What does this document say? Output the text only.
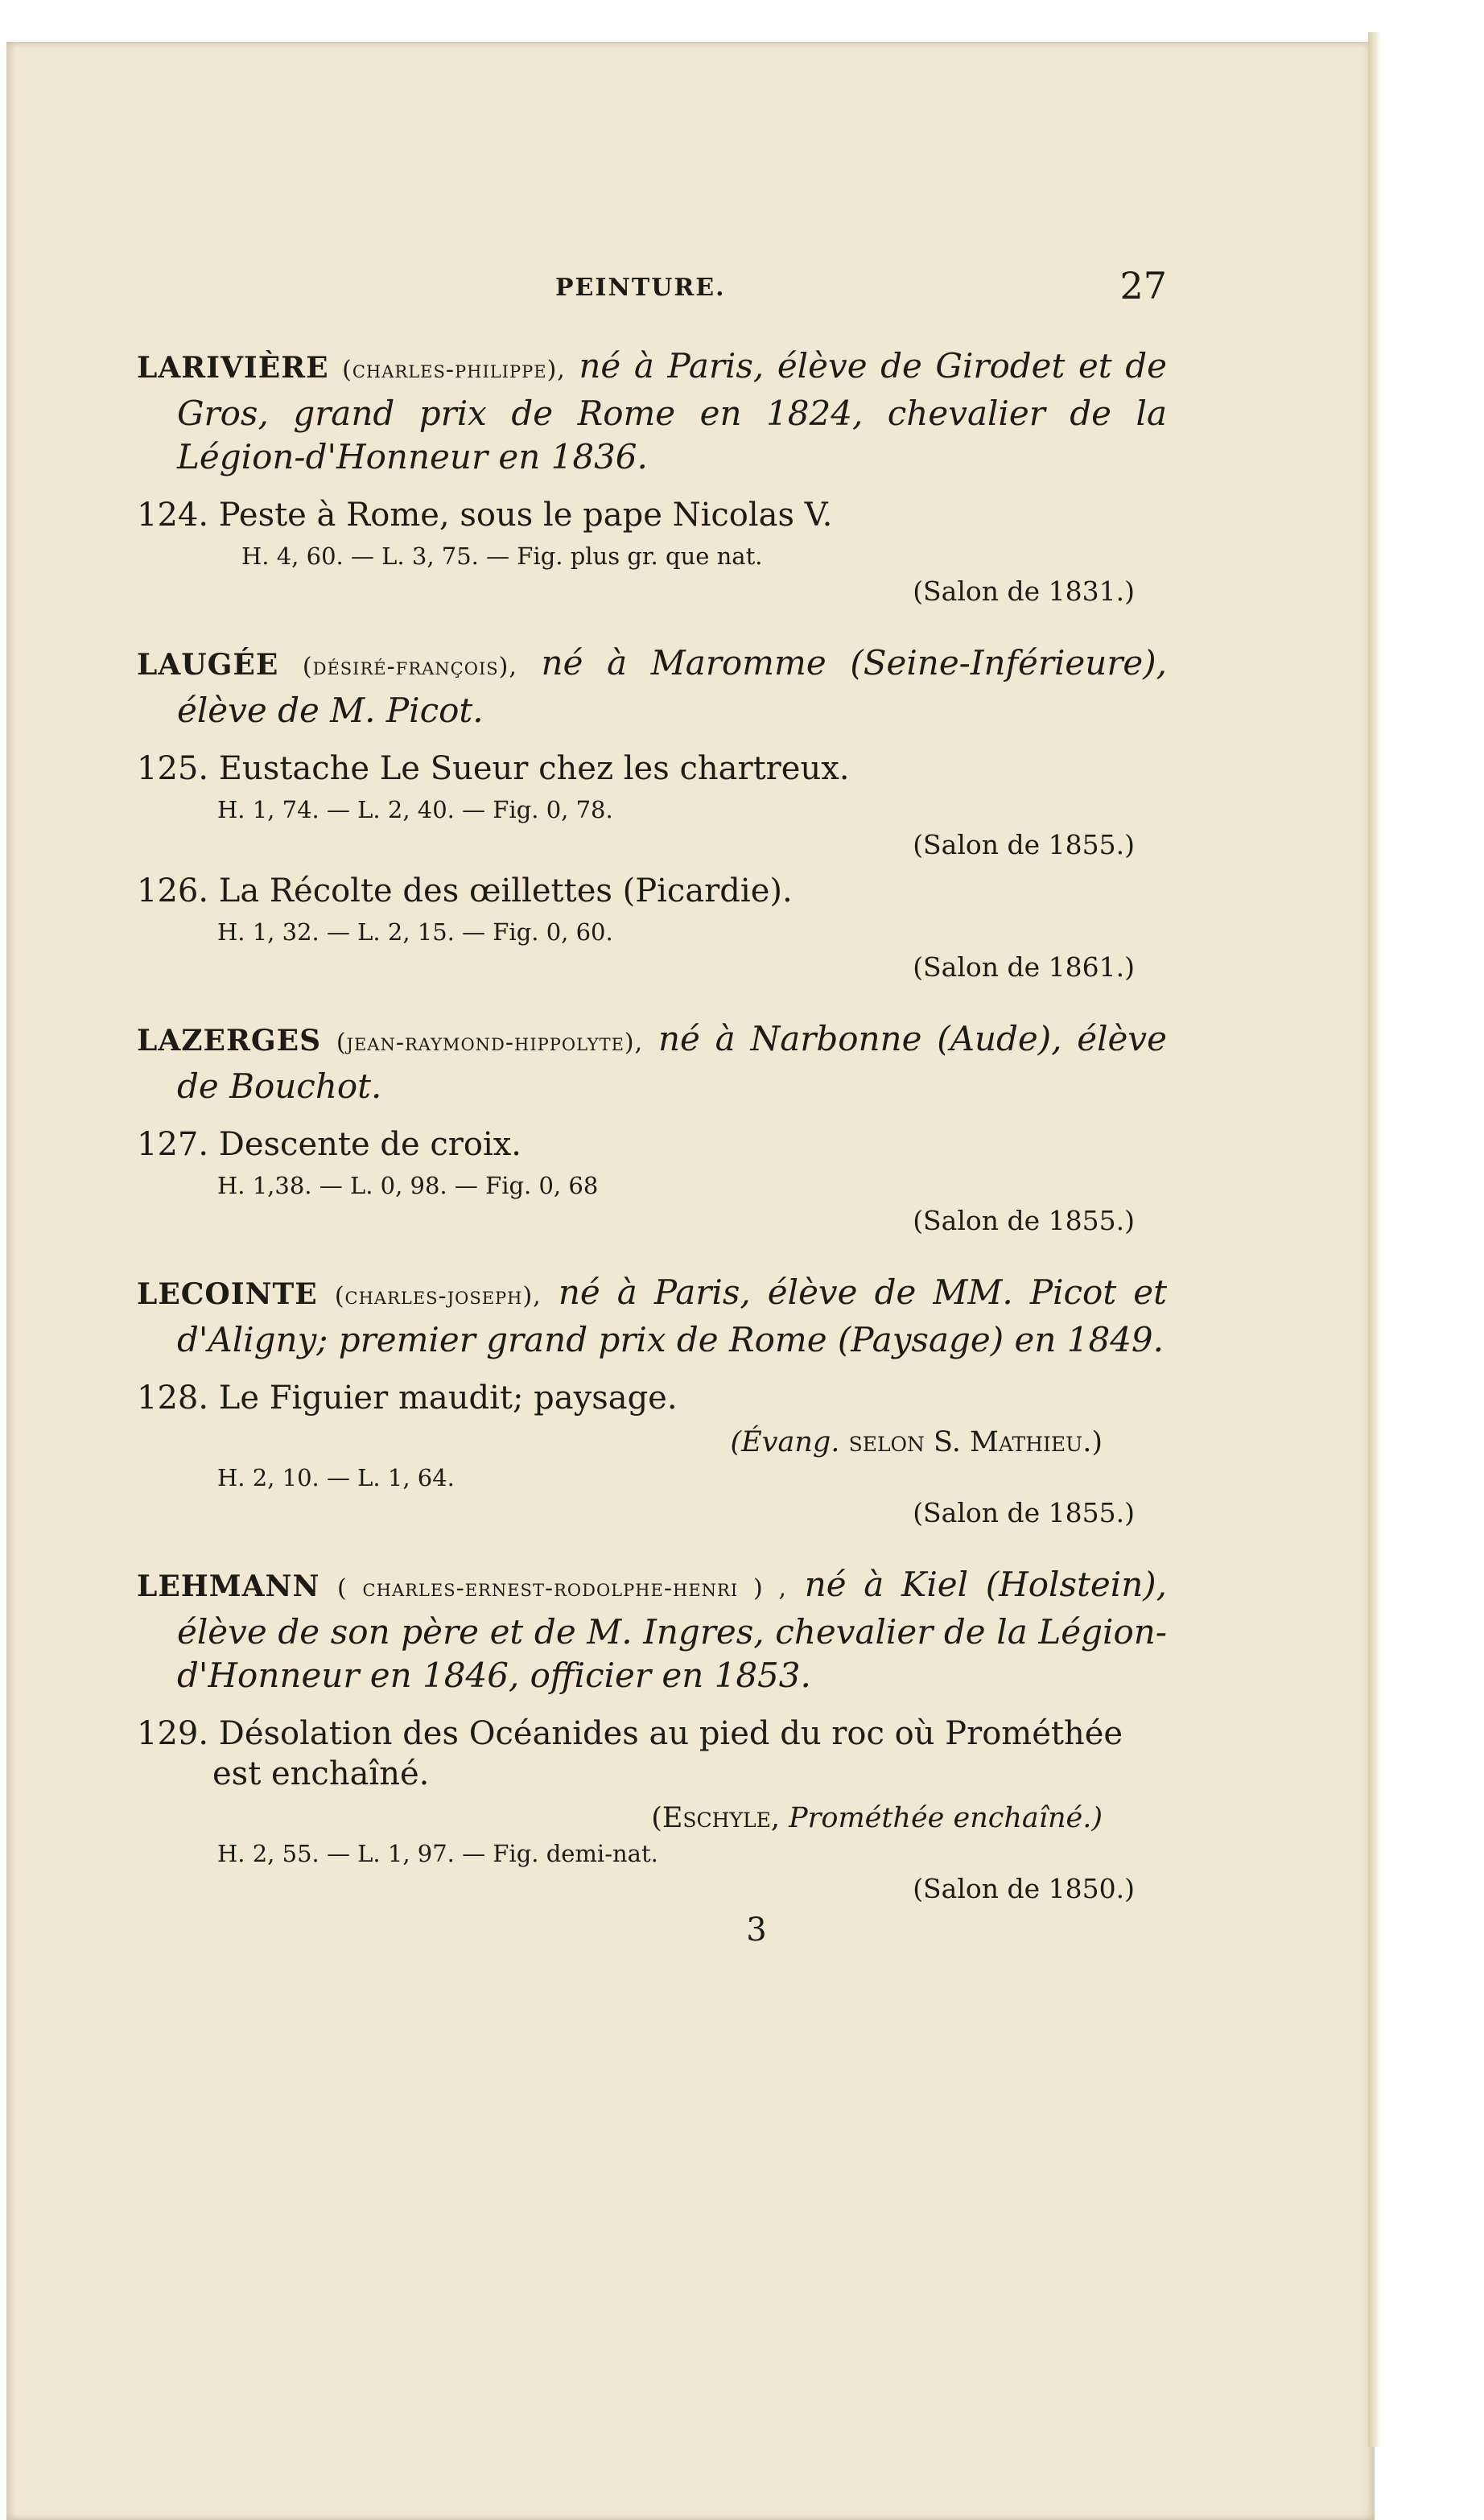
PEINTURE.	27
LARIVIÈRE (charles-philippe), né à Paris, élève de Girodet et de Gros, grand prix de Rome en 1824, chevalier de la Légion-d'Honneur en 1836.
124. Peste à Rome, sous le pape Nicolas V.
H. 4, 60. — L. 3, 75. — Fig. plus gr. que nat.
(Salon de 1831.)
LAUGÉE (désiré-françois), né à Maromme (Seine-Inférieure), élève de M. Picot.
125. Eustache Le Sueur chez les chartreux.
H. 1, 74. — L. 2, 40. — Fig. 0, 78.
(Salon de 1855.)
126. La Récolte des œillettes (Picardie).
H. 1, 32. — L. 2, 15. — Fig. 0, 60.
(Salon de 1861.)
LAZERGES (jean-raymond-hippolyte), né à Narbonne (Aude), élève de Bouchot.
127. Descente de croix.
H. 1,38. — L. 0, 98. — Fig. 0, 68
(Salon de 1855.)
LECOINTE (charles-joseph), né à Paris, élève de MM. Picot et d'Aligny; premier grand prix de Rome (Paysage) en 1849.
128. Le Figuier maudit; paysage.
(Évang. selon S. Mathieu.)
H. 2, 10. — L. 1, 64.
(Salon de 1855.)
LEHMANN ( charles-ernest-rodolphe-henri ) , né à Kiel (Holstein), élève de son père et de M. Ingres, chevalier de la Légion-d'Honneur en 1846, officier en 1853.
129. Désolation des Océanides au pied du roc où Prométhée est enchaîné.
(Eschyle, Prométhée enchaîné.)
H. 2, 55. — L. 1, 97. — Fig. demi-nat.
(Salon de 1850.)
3
